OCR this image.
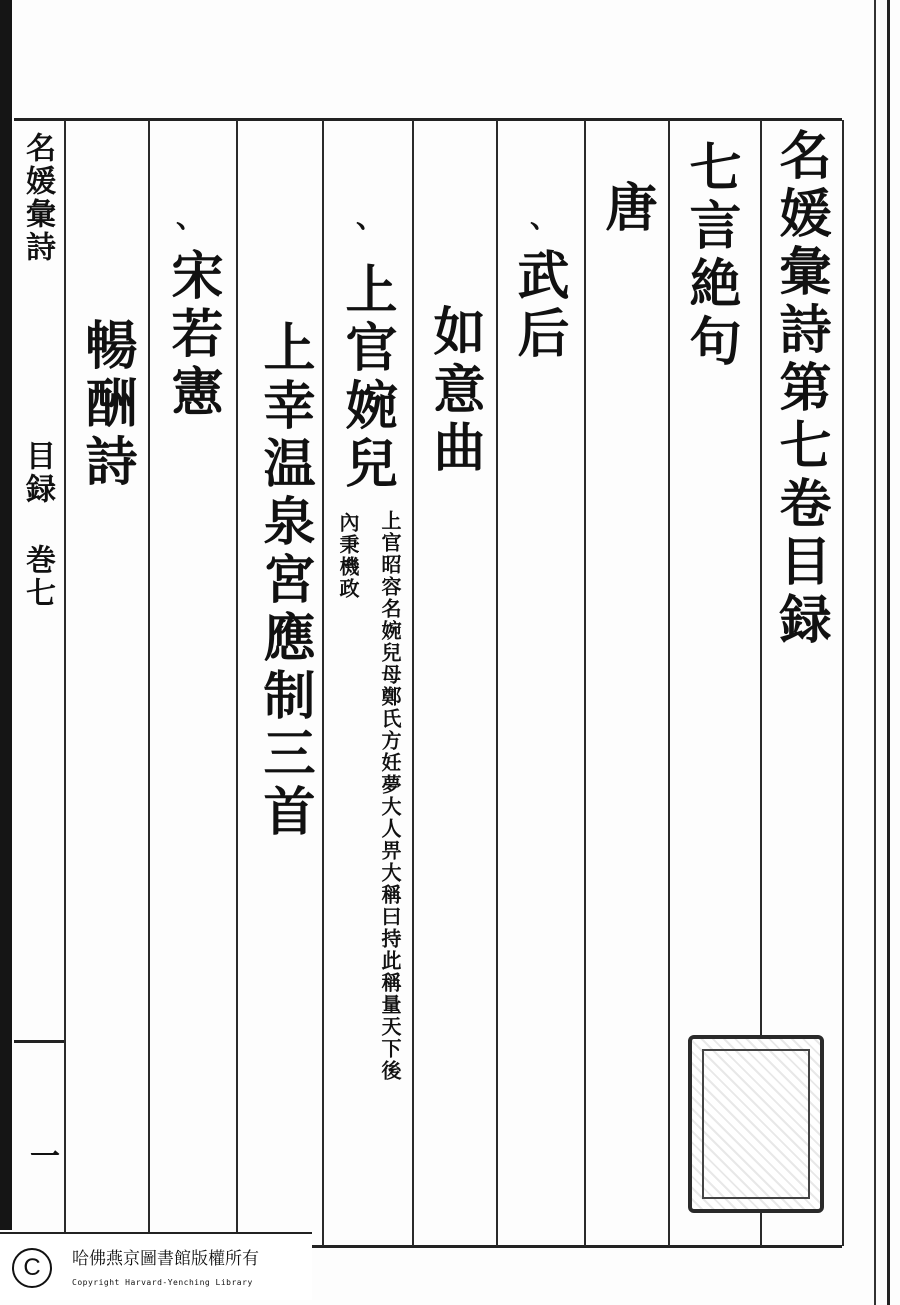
名媛彙詩第七卷目録
七言絶句
唐
、
武后
如意曲
、
上官婉兒
上官昭容名婉兒母鄭氏方妊夢大人畀大稱曰持此稱量天下後
內秉機政
上幸温泉宮應制三首
、
宋若憲
暢酬詩
名媛彙詩
目録 巻七
一
C	哈佛燕京圖書館版權所有
Copyright Harvard-Yenching Library
